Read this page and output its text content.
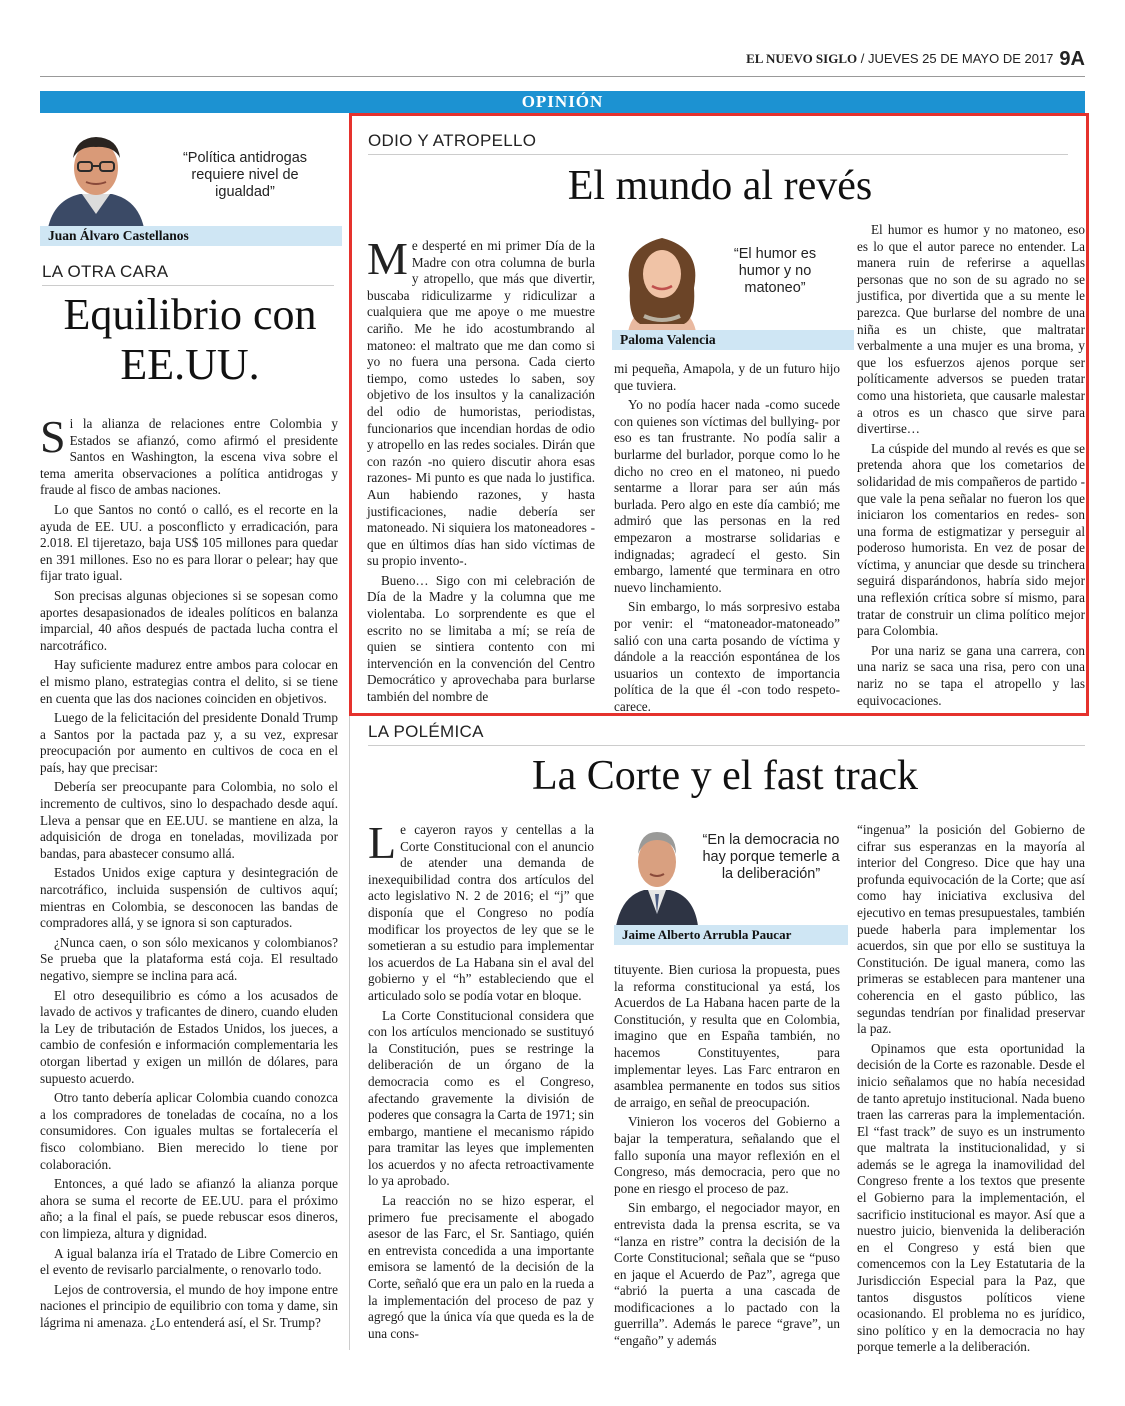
EL NUEVO SIGLO / JUEVES 25 DE MAYO DE 2017 9A
OPINIÓN
“Política antidrogas requiere nivel de igualdad”
Juan Álvaro Castellanos
LA OTRA CARA
Equilibrio con
EE.UU.

Si la alianza de relaciones entre Colombia y Estados se afianzó, como afirmó el presidente Santos en Washington, la escena viva sobre el tema amerita observaciones a política antidrogas y fraude al fisco de ambas naciones.

Lo que Santos no contó o calló, es el recorte en la ayuda de EE. UU. a posconflicto y erradicación, para 2.018. El tijeretazo, baja US$ 105 millones para quedar en 391 millones. Eso no es para llorar o pelear; hay que fijar trato igual.

Son precisas algunas objeciones si se sopesan como aportes desapasionados de ideales políticos en balanza imparcial, 40 años después de pactada lucha contra el narcotráfico.

Hay suficiente madurez entre ambos para colocar en el mismo plano, estrategias contra el delito, si se tiene en cuenta que las dos naciones coinciden en objetivos.

Luego de la felicitación del presidente Donald Trump a Santos por la pactada paz y, a su vez, expresar preocupación por aumento en cultivos de coca en el país, hay que precisar:

Debería ser preocupante para Colombia, no solo el incremento de cultivos, sino lo despachado desde aquí. Lleva a pensar que en EE.UU. se mantiene en alza, la adquisición de droga en toneladas, movilizada por bandas, para abastecer consumo allá.

Estados Unidos exige captura y desintegración de narcotráfico, incluida suspensión de cultivos aquí; mientras en Colombia, se desconocen las bandas de compradores allá, y se ignora si son capturados.

¿Nunca caen, o son sólo mexicanos y colombianos? Se prueba que la plataforma está coja. El resultado negativo, siempre se inclina para acá.

El otro desequilibrio es cómo a los acusados de lavado de activos y traficantes de dinero, cuando eluden la Ley de tributación de Estados Unidos, los jueces, a cambio de confesión e información complementaria les otorgan libertad y exigen un millón de dólares, para supuesto acuerdo.

Otro tanto debería aplicar Colombia cuando conozca a los compradores de toneladas de cocaína, no a los consumidores. Con iguales multas se fortalecería el fisco colombiano. Bien merecido lo tiene por colaboración.

Entonces, a qué lado se afianzó la alianza porque ahora se suma el recorte de EE.UU. para el próximo año; a la final el país, se puede rebuscar esos dineros, con limpieza, altura y dignidad.

A igual balanza iría el Tratado de Libre Comercio en el evento de revisarlo parcialmente, o renovarlo todo.

Lejos de controversia, el mundo de hoy impone entre naciones el principio de equilibrio con toma y dame, sin lágrima ni amenaza. ¿Lo entenderá así, el Sr. Trump?

ODIO Y ATROPELLO
El mundo al revés

Me desperté en mi primer Día de la Madre con otra columna de burla y atropello, que más que divertir, buscaba ridiculizarme y ridiculizar a cualquiera que me apoye o me muestre cariño. Me he ido acostumbrando al matoneo: el maltrato que me dan como si yo no fuera una persona. Cada cierto tiempo, como ustedes lo saben, soy objetivo de los insultos y la canalización del odio de humoristas, periodistas, funcionarios que incendian hordas de odio y atropello en las redes sociales. Dirán que con razón -no quiero discutir ahora esas razones- Mi punto es que nada lo justifica. Aun habiendo razones, y hasta justificaciones, nadie debería ser matoneado. Ni siquiera los matoneadores -que en últimos días han sido víctimas de su propio invento-.

Bueno… Sigo con mi celebración de Día de la Madre y la columna que me violentaba. Lo sorprendente es que el escrito no se limitaba a mí; se reía de quien se sintiera contento con mi intervención en la convención del Centro Democrático y aprovechaba para burlarse también del nombre de

“El humor es humor y no matoneo”
Paloma Valencia

mi pequeña, Amapola, y de un futuro hijo que tuviera.

Yo no podía hacer nada -como sucede con quienes son víctimas del bullying- por eso es tan frustrante. No podía salir a burlarme del burlador, porque como lo he dicho no creo en el matoneo, ni puedo sentarme a llorar para ser aún más burlada. Pero algo en este día cambió; me admiró que las personas en la red empezaron a mostrarse solidarias e indignadas; agradecí el gesto. Sin embargo, lamenté que terminara en otro nuevo linchamiento.

Sin embargo, lo más sorpresivo estaba por venir: el “matoneador-matoneado” salió con una carta posando de víctima y dándole a la reacción espontánea de los usuarios un contexto de importancia política de la que él -con todo respeto- carece.

El humor es humor y no matoneo, eso es lo que el autor parece no entender. La manera ruin de referirse a aquellas personas que no son de su agrado no se justifica, por divertida que a su mente le parezca. Que burlarse del nombre de una niña es un chiste, que maltratar verbalmente a una mujer es una broma, y que los esfuerzos ajenos porque ser políticamente adversos se pueden tratar como una historieta, que causarle malestar a otros es un chasco que sirve para divertirse…

La cúspide del mundo al revés es que se pretenda ahora que los cometarios de solidaridad de mis compañeros de partido -que vale la pena señalar no fueron los que iniciaron los comentarios en redes- son una forma de estigmatizar y perseguir al poderoso humorista. En vez de posar de víctima, y anunciar que desde su trinchera seguirá disparándonos, habría sido mejor una reflexión crítica sobre sí mismo, para tratar de construir un clima político mejor para Colombia.

Por una nariz se gana una carrera, con una nariz se saca una risa, pero con una nariz no se tapa el atropello y las equivocaciones.

LA POLÉMICA
La Corte y el fast track

Le cayeron rayos y centellas a la Corte Constitucional con el anuncio de atender una demanda de inexequibilidad contra dos artículos del acto legislativo N. 2 de 2016; el “j” que disponía que el Congreso no podía modificar los proyectos de ley que se le sometieran a su estudio para implementar los acuerdos de La Habana sin el aval del gobierno y el “h” estableciendo que el articulado solo se podía votar en bloque.

La Corte Constitucional considera que con los artículos mencionado se sustituyó la Constitución, pues se restringe la deliberación de un órgano de la democracia como es el Congreso, afectando gravemente la división de poderes que consagra la Carta de 1971; sin embargo, mantiene el mecanismo rápido para tramitar las leyes que implementen los acuerdos y no afecta retroactivamente lo ya aprobado.

La reacción no se hizo esperar, el primero fue precisamente el abogado asesor de las Farc, el Sr. Santiago, quién en entrevista concedida a una importante emisora se lamentó de la decisión de la Corte, señaló que era un palo en la rueda a la implementación del proceso de paz y agregó que la única vía que queda es la de una cons-

“En la democracia no hay porque temerle a la deliberación”
Jaime Alberto Arrubla Paucar

tituyente. Bien curiosa la propuesta, pues la reforma constitucional ya está, los Acuerdos de La Habana hacen parte de la Constitución, y resulta que en Colombia, imagino que en España también, no hacemos Constituyentes, para implementar leyes. Las Farc entraron en asamblea permanente en todos sus sitios de arraigo, en señal de preocupación.

Vinieron los voceros del Gobierno a bajar la temperatura, señalando que el fallo suponía una mayor reflexión en el Congreso, más democracia, pero que no pone en riesgo el proceso de paz.

Sin embargo, el negociador mayor, en entrevista dada la prensa escrita, se va “lanza en ristre” contra la decisión de la Corte Constitucional; señala que se “puso en jaque el Acuerdo de Paz”, agrega que “abrió la puerta a una cascada de modificaciones a lo pactado con la guerrilla”. Además le parece “grave”, un “engaño” y además

“ingenua” la posición del Gobierno de cifrar sus esperanzas en la mayoría al interior del Congreso. Dice que hay una profunda equivocación de la Corte; que así como hay iniciativa exclusiva del ejecutivo en temas presupuestales, también puede haberla para implementar los acuerdos, sin que por ello se sustituya la Constitución. De igual manera, como las primeras se establecen para mantener una coherencia en el gasto público, las segundas tendrían por finalidad preservar la paz.

Opinamos que esta oportunidad la decisión de la Corte es razonable. Desde el inicio señalamos que no había necesidad de tanto apretujo institucional. Nada bueno traen las carreras para la implementación. El “fast track” de suyo es un instrumento que maltrata la institucionalidad, y si además se le agrega la inamovilidad del Congreso frente a los textos que presente el Gobierno para la implementación, el sacrificio institucional es mayor. Así que a nuestro juicio, bienvenida la deliberación en el Congreso y está bien que comencemos con la Ley Estatutaria de la Jurisdicción Especial para la Paz, que tantos disgustos políticos viene ocasionando. El problema no es jurídico, sino político y en la democracia no hay porque temerle a la deliberación.
